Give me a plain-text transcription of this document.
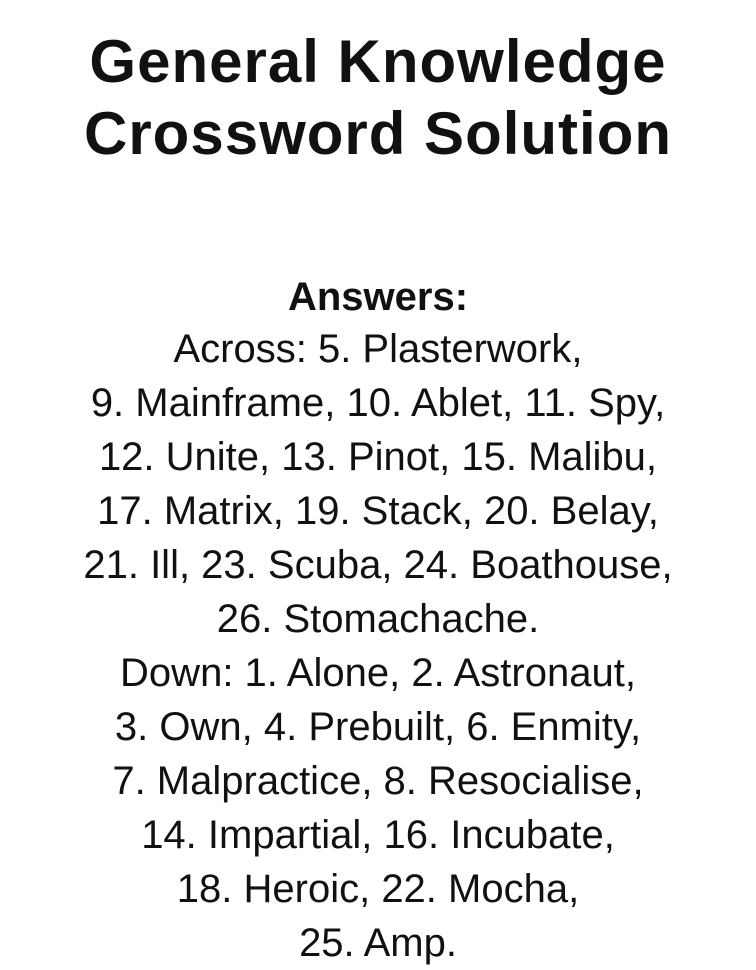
General Knowledge
Crossword Solution

Answers:

Across: 5. Plasterwork,

9. Mainframe, 10. Ablet, 11. Spy,

12. Unite, 13. Pinot, 15. Malibu,

17. Matrix, 19. Stack, 20. Belay,

21. Ill, 23. Scuba, 24. Boathouse,

26. Stomachache.

Down: 1. Alone, 2. Astronaut,

3. Own, 4. Prebuilt, 6. Enmity,

7. Malpractice, 8. Resocialise,

14. Impartial, 16. Incubate,

18. Heroic, 22. Mocha,

25. Amp.
